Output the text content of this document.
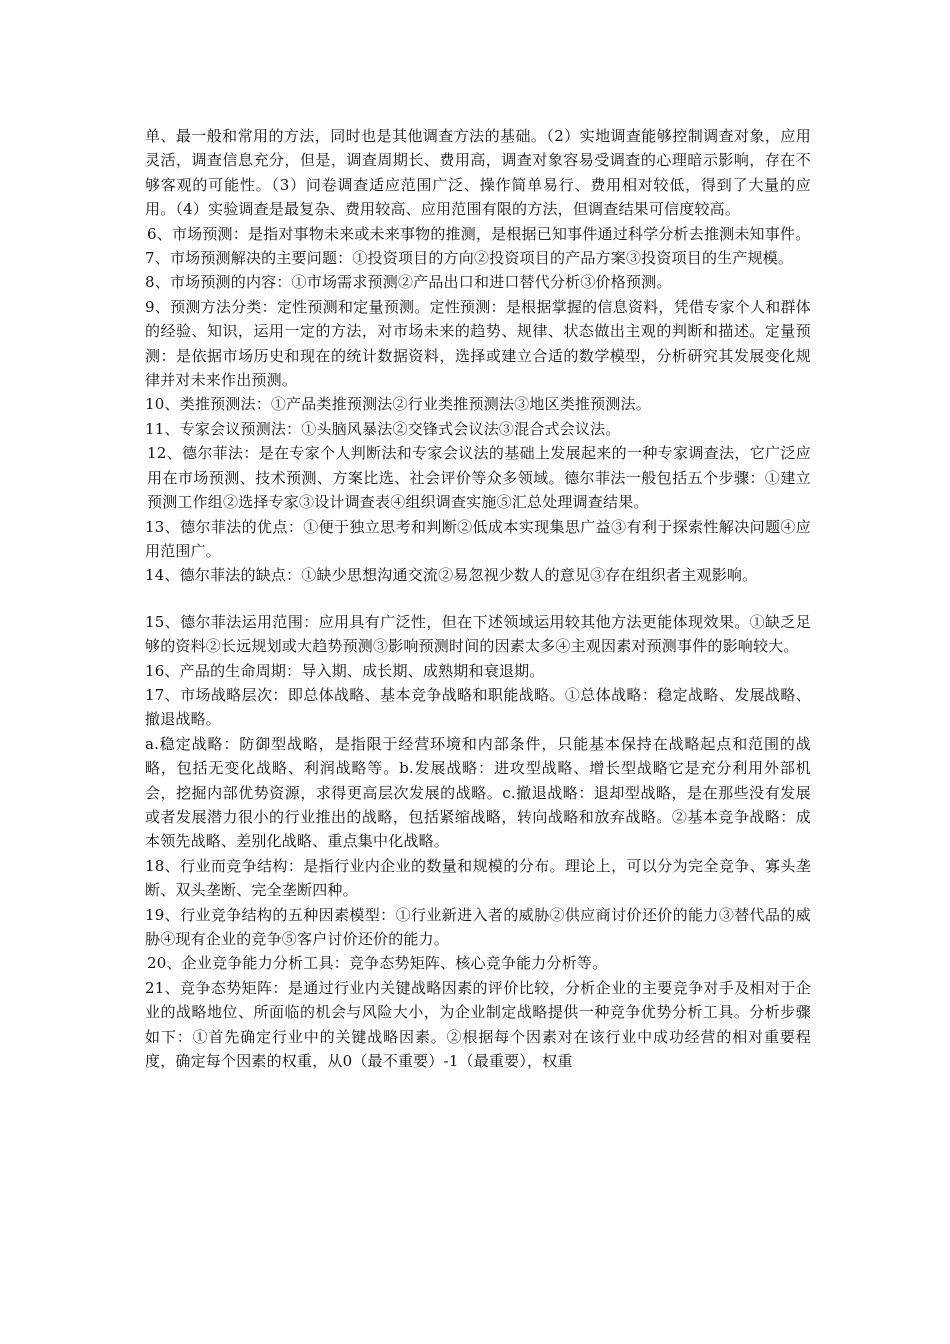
单、最一般和常用的方法，同时也是其他调查方法的基础。（2）实地调查能够控制调查对象，应用灵活，调查信息充分，但是，调查周期长、费用高，调查对象容易受调查的心理暗示影响，存在不够客观的可能性。（3）问卷调查适应范围广泛、操作简单易行、费用相对较低，得到了大量的应用。（4）实验调查是最复杂、费用较高、应用范围有限的方法，但调查结果可信度较高。

6、市场预测：是指对事物未来或未来事物的推测，是根据已知事件通过科学分析去推测未知事件。

7、市场预测解决的主要问题：①投资项目的方向②投资项目的产品方案③投资项目的生产规模。

8、市场预测的内容：①市场需求预测②产品出口和进口替代分析③价格预测。

9、预测方法分类：定性预测和定量预测。定性预测：是根据掌握的信息资料，凭借专家个人和群体的经验、知识，运用一定的方法，对市场未来的趋势、规律、状态做出主观的判断和描述。定量预测：是依据市场历史和现在的统计数据资料，选择或建立合适的数学模型，分析研究其发展变化规律并对未来作出预测。

10、类推预测法：①产品类推预测法②行业类推预测法③地区类推预测法。

11、专家会议预测法：①头脑风暴法②交锋式会议法③混合式会议法。

12、德尔菲法：是在专家个人判断法和专家会议法的基础上发展起来的一种专家调查法，它广泛应用在市场预测、技术预测、方案比选、社会评价等众多领域。德尔菲法一般包括五个步骤：①建立预测工作组②选择专家③设计调查表④组织调查实施⑤汇总处理调查结果。

13、德尔菲法的优点：①便于独立思考和判断②低成本实现集思广益③有利于探索性解决问题④应用范围广。

14、德尔菲法的缺点：①缺少思想沟通交流②易忽视少数人的意见③存在组织者主观影响。

15、德尔菲法运用范围：应用具有广泛性，但在下述领域运用较其他方法更能体现效果。①缺乏足够的资料②长远规划或大趋势预测③影响预测时间的因素太多④主观因素对预测事件的影响较大。

16、产品的生命周期：导入期、成长期、成熟期和衰退期。

17、市场战略层次：即总体战略、基本竞争战略和职能战略。①总体战略：稳定战略、发展战略、撤退战略。

a.稳定战略：防御型战略，是指限于经营环境和内部条件，只能基本保持在战略起点和范围的战略，包括无变化战略、利润战略等。b.发展战略：进攻型战略、增长型战略它是充分利用外部机会，挖掘内部优势资源，求得更高层次发展的战略。c.撤退战略：退却型战略，是在那些没有发展或者发展潜力很小的行业推出的战略，包括紧缩战略，转向战略和放弃战略。②基本竞争战略：成本领先战略、差别化战略、重点集中化战略。

18、行业而竞争结构：是指行业内企业的数量和规模的分布。理论上，可以分为完全竞争、寡头垄断、双头垄断、完全垄断四种。

19、行业竞争结构的五种因素模型：①行业新进入者的威胁②供应商讨价还价的能力③替代品的威胁④现有企业的竞争⑤客户讨价还价的能力。

20、企业竞争能力分析工具：竞争态势矩阵、核心竞争能力分析等。

21、竞争态势矩阵：是通过行业内关键战略因素的评价比较，分析企业的主要竞争对手及相对于企业的战略地位、所面临的机会与风险大小，为企业制定战略提供一种竞争优势分析工具。分析步骤如下：①首先确定行业中的关键战略因素。②根据每个因素对在该行业中成功经营的相对重要程度，确定每个因素的权重，从0（最不重要）-1（最重要），权重
